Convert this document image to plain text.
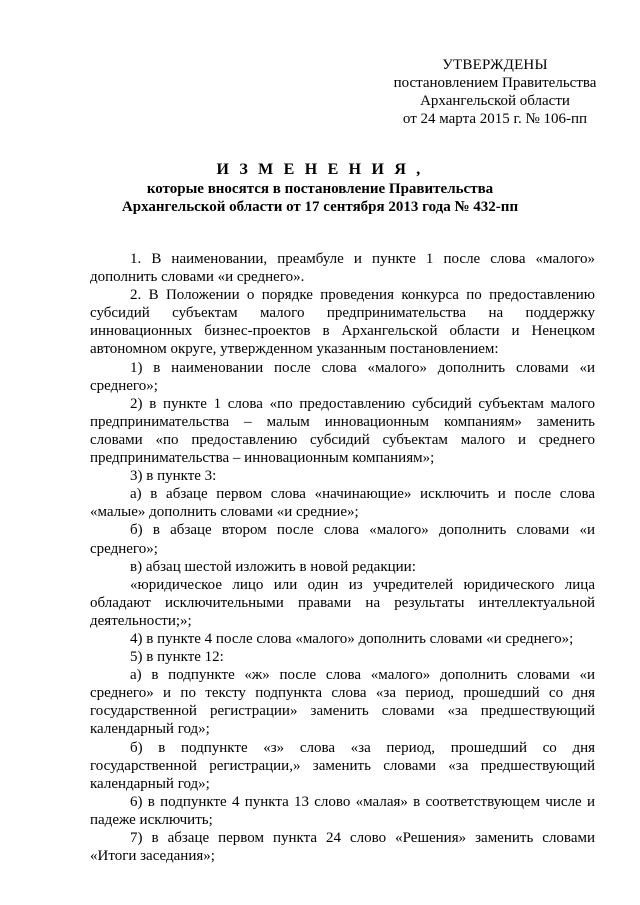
УТВЕРЖДЕНЫ
постановлением Правительства
Архангельской области
от 24 марта 2015 г. № 106-пп
И З М Е Н Е Н И Я ,
которые вносятся в постановление Правительства
Архангельской области от 17 сентября 2013 года № 432-пп

1. В наименовании, преамбуле и пункте 1 после слова «малого» дополнить словами «и среднего».

2. В Положении о порядке проведения конкурса по предоставлению субсидий субъектам малого предпринимательства на поддержку инновационных бизнес-проектов в Архангельской области и Ненецком автономном округе, утвержденном указанным постановлением:

1) в наименовании после слова «малого» дополнить словами «и среднего»;

2) в пункте 1 слова «по предоставлению субсидий субъектам малого предпринимательства – малым инновационным компаниям» заменить словами «по предоставлению субсидий субъектам малого и среднего предпринимательства – инновационным компаниям»;

3) в пункте 3:

а) в абзаце первом слова «начинающие» исключить и после слова «малые» дополнить словами «и средние»;

б) в абзаце втором после слова «малого» дополнить словами «и среднего»;

в) абзац шестой изложить в новой редакции:

«юридическое лицо или один из учредителей юридического лица обладают исключительными правами на результаты интеллектуальной деятельности;»;

4) в пункте 4 после слова «малого» дополнить словами «и среднего»;

5) в пункте 12:

а) в подпункте «ж» после слова «малого» дополнить словами «и среднего» и по тексту подпункта слова «за период, прошедший со дня государственной регистрации» заменить словами «за предшествующий календарный год»;

б) в подпункте «з» слова «за период, прошедший со дня государственной регистрации,» заменить словами «за предшествующий календарный год»;

6) в подпункте 4 пункта 13 слово «малая» в соответствующем числе и падеже исключить;

7) в абзаце первом пункта 24 слово «Решения» заменить словами «Итоги заседания»;
